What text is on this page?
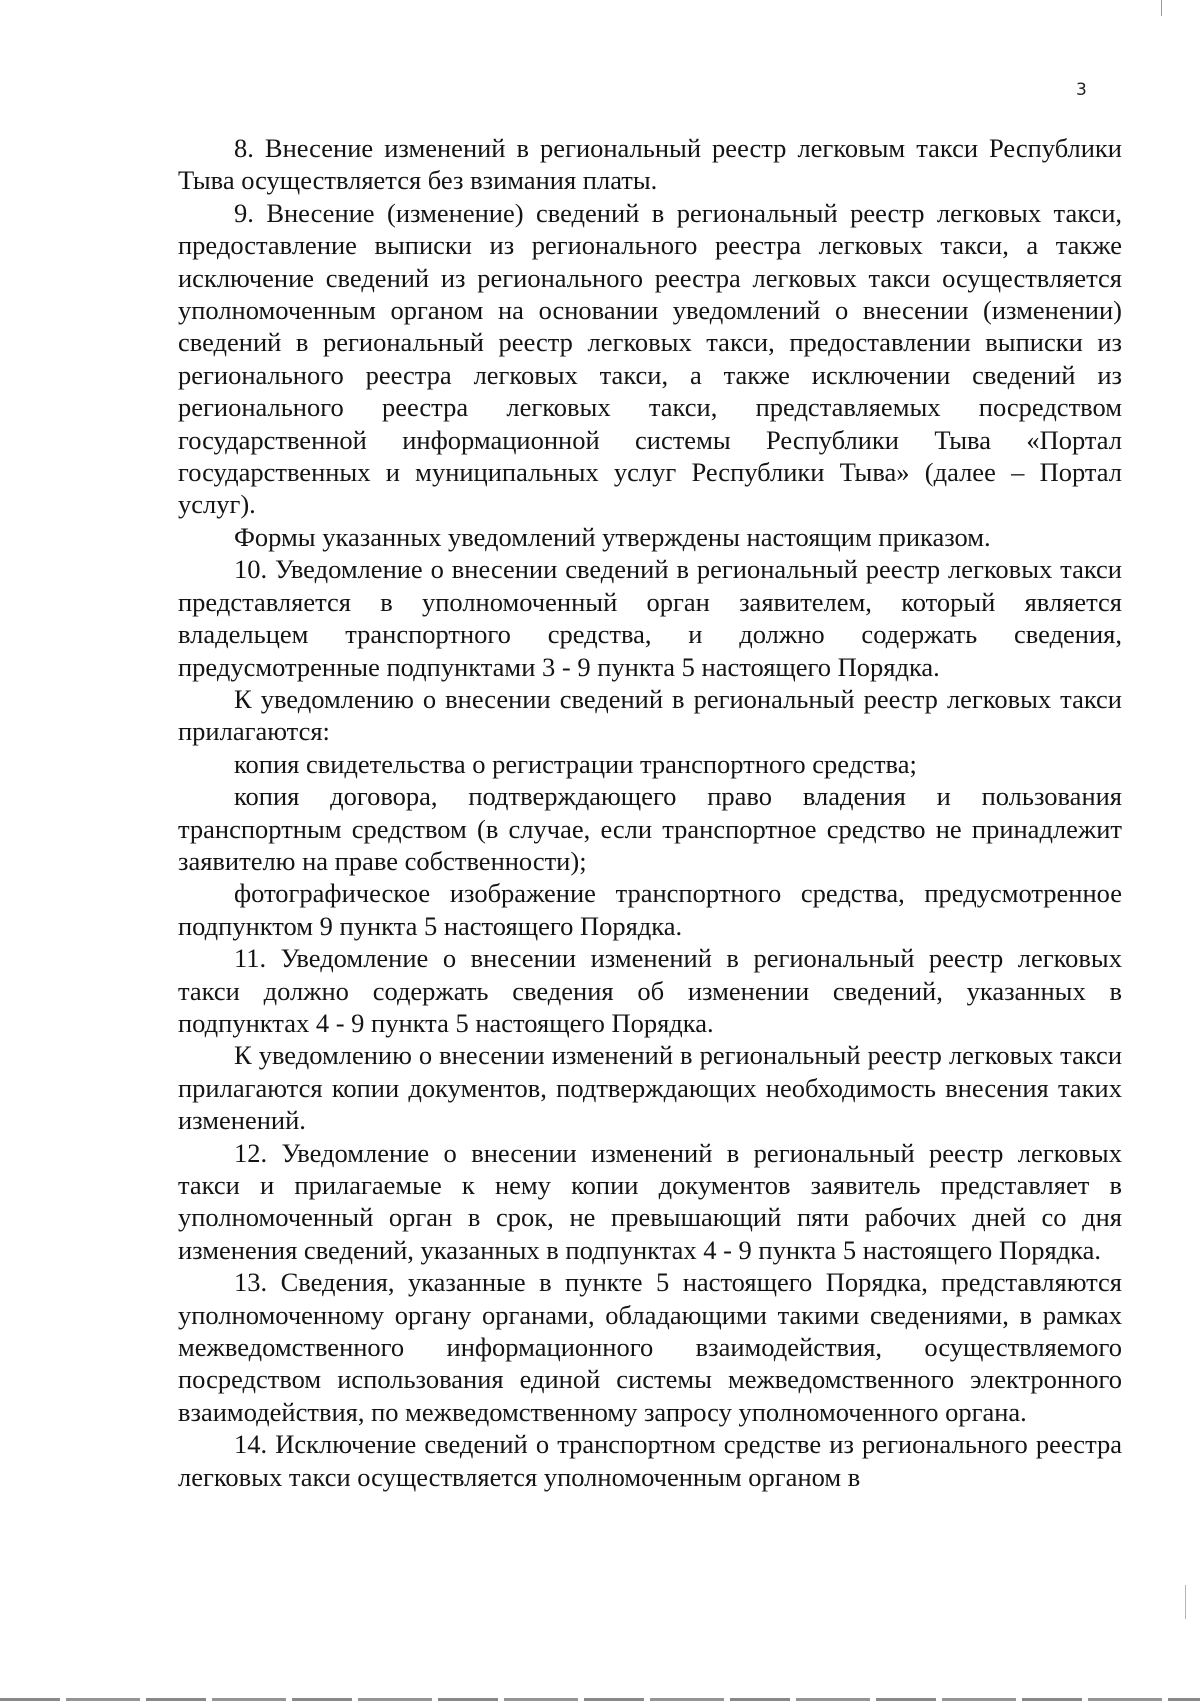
3

8. Внесение изменений в региональный реестр легковым такси Республики Тыва осуществляется без взимания платы.

9. Внесение (изменение) сведений в региональный реестр легковых такси, предоставление выписки из регионального реестра легковых такси, а также исключение сведений из регионального реестра легковых такси осуществляется уполномоченным органом на основании уведомлений о внесении (изменении) сведений в региональный реестр легковых такси, предоставлении выписки из регионального реестра легковых такси, а также исключении сведений из регионального реестра легковых такси, представляемых посредством государственной информационной системы Республики Тыва «Портал государственных и муниципальных услуг Республики Тыва» (далее – Портал услуг).

Формы указанных уведомлений утверждены настоящим приказом.

10. Уведомление о внесении сведений в региональный реестр легковых такси представляется в уполномоченный орган заявителем, который является владельцем транспортного средства, и должно содержать сведения, предусмотренные подпунктами 3 - 9 пункта 5 настоящего Порядка.

К уведомлению о внесении сведений в региональный реестр легковых такси прилагаются:

копия свидетельства о регистрации транспортного средства;

копия договора, подтверждающего право владения и пользования транспортным средством (в случае, если транспортное средство не принадлежит заявителю на праве собственности);

фотографическое изображение транспортного средства, предусмотренное подпунктом 9 пункта 5 настоящего Порядка.

11. Уведомление о внесении изменений в региональный реестр легковых такси должно содержать сведения об изменении сведений, указанных в подпунктах 4 - 9 пункта 5 настоящего Порядка.

К уведомлению о внесении изменений в региональный реестр легковых такси прилагаются копии документов, подтверждающих необходимость внесения таких изменений.

12. Уведомление о внесении изменений в региональный реестр легковых такси и прилагаемые к нему копии документов заявитель представляет в уполномоченный орган в срок, не превышающий пяти рабочих дней со дня изменения сведений, указанных в подпунктах 4 - 9 пункта 5 настоящего Порядка.

13. Сведения, указанные в пункте 5 настоящего Порядка, представляются уполномоченному органу органами, обладающими такими сведениями, в рамках межведомственного информационного взаимодействия, осуществляемого посредством использования единой системы межведомственного электронного взаимодействия, по межведомственному запросу уполномоченного органа.

14. Исключение сведений о транспортном средстве из регионального реестра легковых такси осуществляется уполномоченным органом в
